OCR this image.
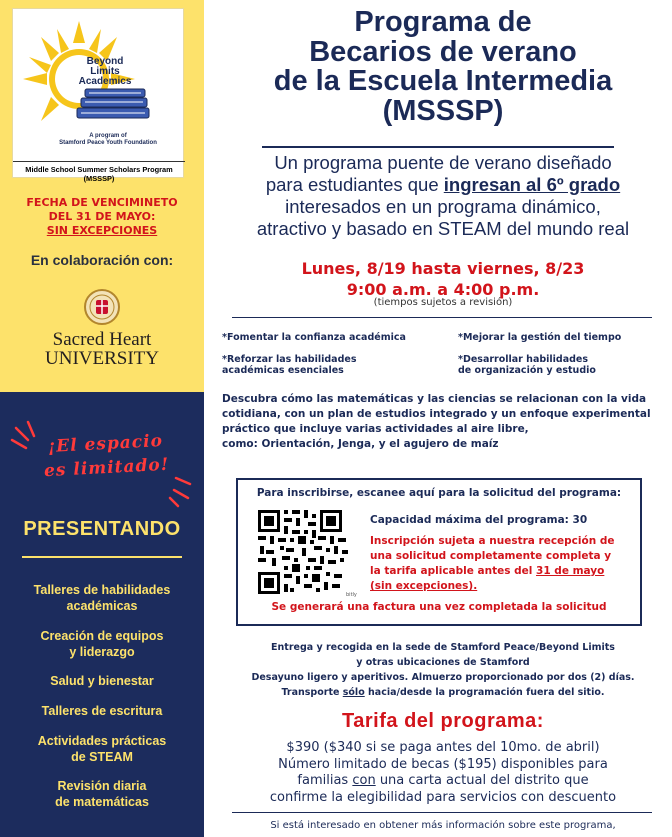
Beyond
Limits
Academics
A program of
Stamford Peace Youth Foundation
Middle School Summer Scholars Program (MSSSP)
FECHA DE VENCIMINETO
DEL 31 DE MAYO:
SIN EXCEPCIONES
En colaboración con:
Sacred Heart
UNIVERSITY
¡El espacio
es limitado!
PRESENTANDO
Talleres de habilidades
académicas
Creación de equipos
y liderazgo
Salud y bienestar
Talleres de escritura
Actividades prácticas
de STEAM
Revisión diaria
de matemáticas
Programa de
Becarios de verano
de la Escuela Intermedia
(MSSSP)
Un programa puente de verano diseñado
para estudiantes que ingresan al 6º grado
interesados en un programa dinámico,
atractivo y basado en STEAM del mundo real
Lunes, 8/19 hasta viernes, 8/23
9:00 a.m. a 4:00 p.m.
(tiempos sujetos a revisión)
*Fomentar la confianza académica	*Mejorar la gestión del tiempo
*Reforzar las habilidades
académicas esenciales
*Desarrollar habilidades
de organización y estudio
Descubra cómo las matemáticas y las ciencias se relacionan con la vida
cotidiana, con un plan de estudios integrado y un enfoque experimental
práctico que incluye varias actividades al aire libre,
como: Orientación, Jenga, y el agujero de maíz
Para inscribirse, escanee aquí para la solicitud del programa:
bitly
Capacidad máxima del programa: 30
Inscripción sujeta a nuestra recepción de
una solicitud completamente completa y
la tarifa aplicable antes del 31 de mayo
(sin excepciones).
Se generará una factura una vez completada la solicitud
Entrega y recogida en la sede de Stamford Peace/Beyond Limits
y otras ubicaciones de Stamford
Desayuno ligero y aperitivos. Almuerzo proporcionado por dos (2) días.
Transporte sólo hacia/desde la programación fuera del sitio.
Tarifa del programa:
$390 ($340 si se paga antes del 10mo. de abril)
Número limitado de becas ($195) disponibles para
familias con una carta actual del distrito que
confirme la elegibilidad para servicios con descuento
Si está interesado en obtener más información sobre este programa,
